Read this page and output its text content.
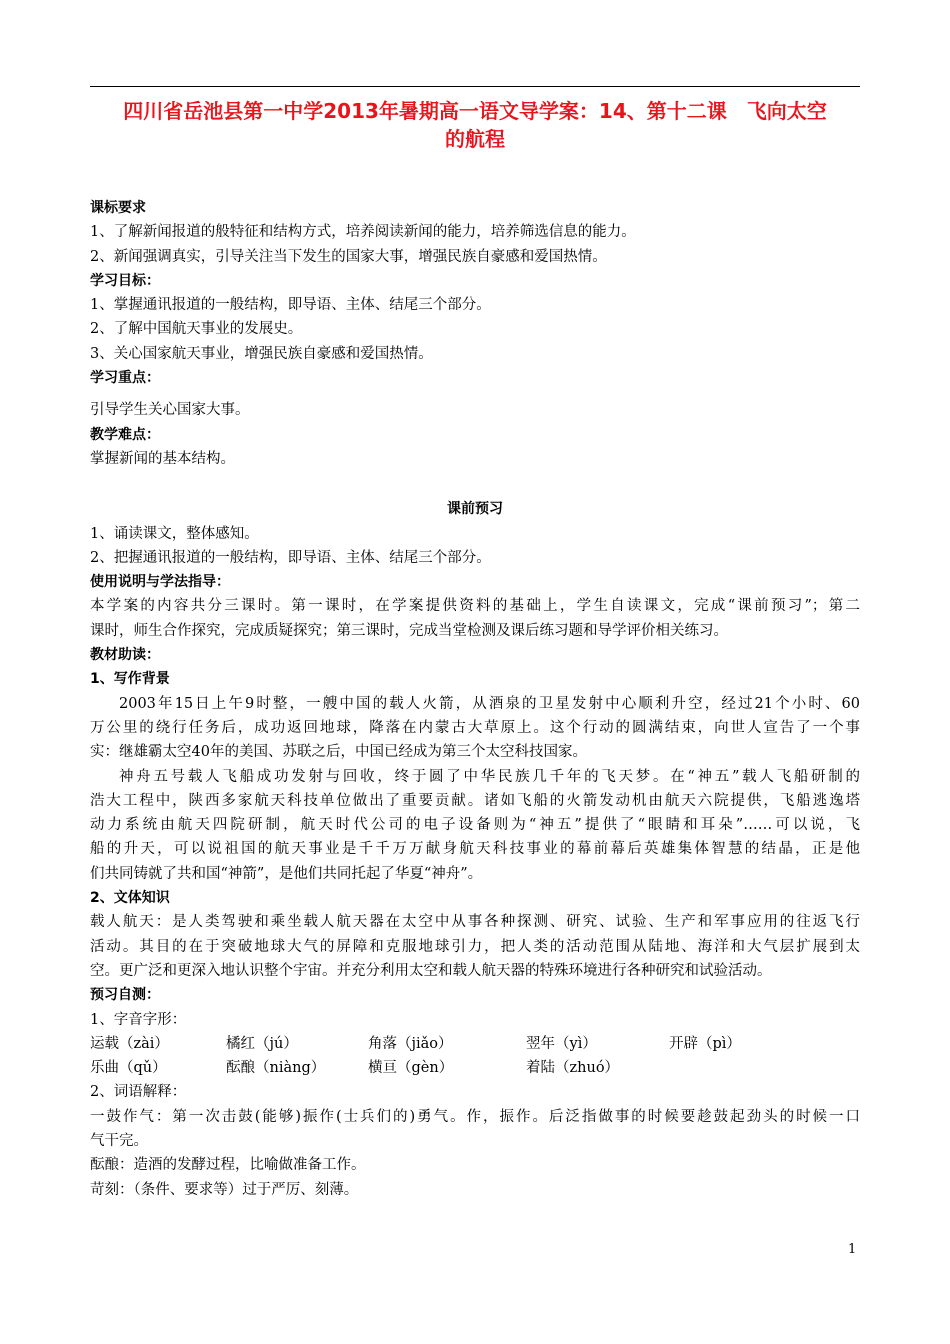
四川省岳池县第一中学2013年暑期高一语文导学案：14、第十二课　飞向太空
的航程
课标要求
1、了解新闻报道的般特征和结构方式，培养阅读新闻的能力，培养筛选信息的能力。
2、新闻强调真实，引导关注当下发生的国家大事，增强民族自豪感和爱国热情。
学习目标：
1、掌握通讯报道的一般结构，即导语、主体、结尾三个部分。
2、了解中国航天事业的发展史。
3、关心国家航天事业，增强民族自豪感和爱国热情。
学习重点：
引导学生关心国家大事。
教学难点：
掌握新闻的基本结构。
课前预习
1、诵读课文，整体感知。
2、把握通讯报道的一般结构，即导语、主体、结尾三个部分。
使用说明与学法指导：
本学案的内容共分三课时。第一课时，在学案提供资料的基础上，学生自读课文，完成“课前预习”；第二
课时，师生合作探究，完成质疑探究；第三课时，完成当堂检测及课后练习题和导学评价相关练习。
教材助读：
1、写作背景
2003年15日上午9时整，一艘中国的载人火箭，从酒泉的卫星发射中心顺利升空，经过21个小时、60
万公里的绕行任务后，成功返回地球，降落在内蒙古大草原上。这个行动的圆满结束，向世人宣告了一个事
实：继雄霸太空40年的美国、苏联之后，中国已经成为第三个太空科技国家。
神舟五号载人飞船成功发射与回收，终于圆了中华民族几千年的飞天梦。在“神五”载人飞船研制的
浩大工程中，陕西多家航天科技单位做出了重要贡献。诸如飞船的火箭发动机由航天六院提供，飞船逃逸塔
动力系统由航天四院研制，航天时代公司的电子设备则为“神五”提供了“眼睛和耳朵”……可以说，飞
船的升天，可以说祖国的航天事业是千千万万献身航天科技事业的幕前幕后英雄集体智慧的结晶，正是他
们共同铸就了共和国“神箭”，是他们共同托起了华夏“神舟”。
2、文体知识
载人航天：是人类驾驶和乘坐载人航天器在太空中从事各种探测、研究、试验、生产和军事应用的往返飞行
活动。其目的在于突破地球大气的屏障和克服地球引力，把人类的活动范围从陆地、海洋和大气层扩展到太
空。更广泛和更深入地认识整个宇宙。并充分利用太空和载人航天器的特殊环境进行各种研究和试验活动。
预习自测：
1、字音字形：
运载（zài）	橘红（jú）	角落（jiǎo）	翌年（yì）	开辟（pì）
乐曲（qǔ）	酝酿（niàng）	横亘（gèn）	着陆（zhuó）
2、词语解释：
一鼓作气：第一次击鼓(能够)振作(士兵们的)勇气。作，振作。后泛指做事的时候要趁鼓起劲头的时候一口
气干完。
酝酿：造酒的发酵过程，比喻做准备工作。
苛刻：（条件、要求等）过于严厉、刻薄。
1
